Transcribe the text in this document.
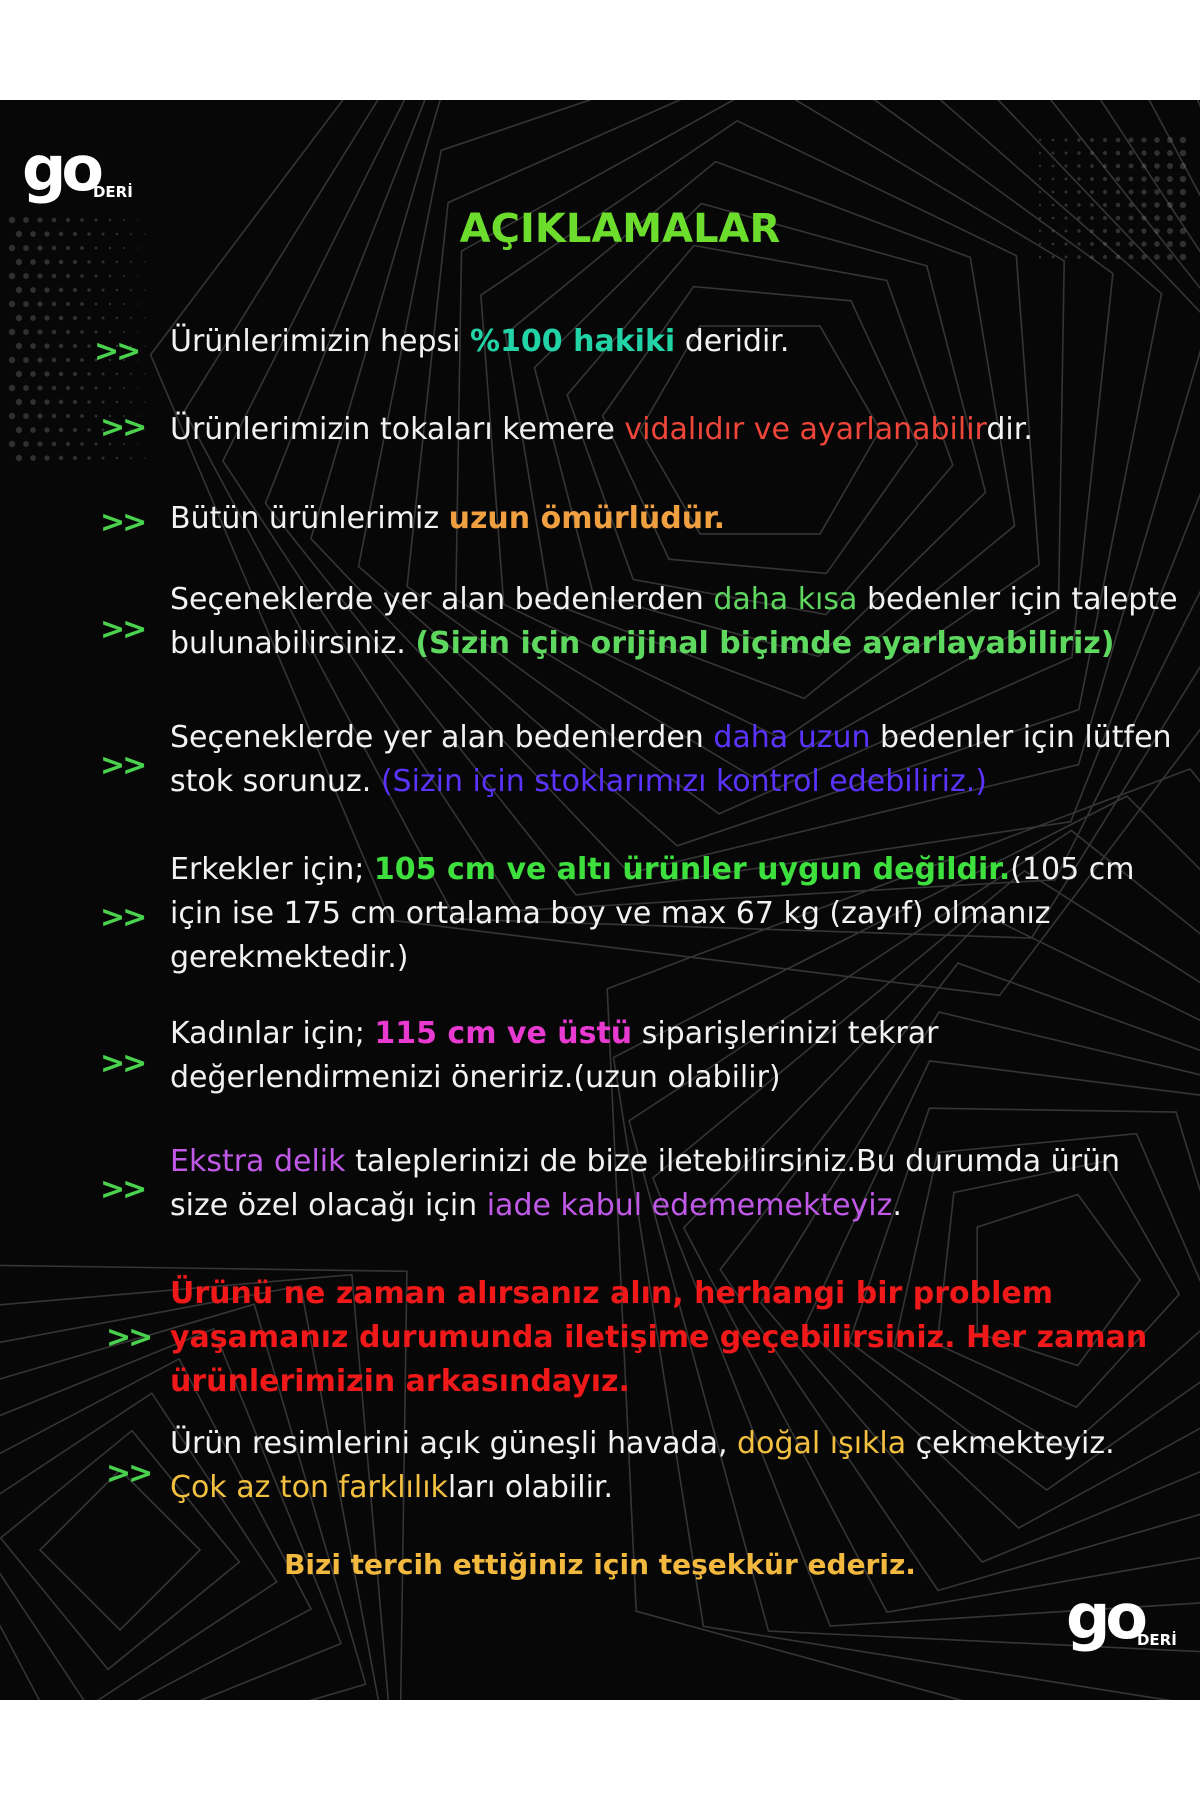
goDERİ
AÇIKLAMALAR
>> Ürünlerimizin hepsi %100 hakiki deridir.

>> Ürünlerimizin tokaları kemere vidalıdır ve ayarlanabilirdir.

>> Bütün ürünlerimiz uzun ömürlüdür.

>>

Seçeneklerde yer alan bedenlerden daha kısa bedenler için talepte bulunabilirsiniz. (Sizin için orijinal biçimde ayarlayabiliriz)

>>

Seçeneklerde yer alan bedenlerden daha uzun bedenler için lütfen stok sorunuz. (Sizin için stoklarımızı kontrol edebiliriz.)

>>

Erkekler için; 105 cm ve altı ürünler uygun değildir.(105 cm için ise 175 cm ortalama boy ve max 67 kg (zayıf) olmanız gerekmektedir.)

>>

Kadınlar için; 115 cm ve üstü siparişlerinizi tekrar değerlendirmenizi öneririz.(uzun olabilir)

>>

Ekstra delik taleplerinizi de bize iletebilirsiniz.Bu durumda ürün size özel olacağı için iade kabul edememekteyiz.

>>

Ürünü ne zaman alırsanız alın, herhangi bir problem yaşamanız durumunda iletişime geçebilirsiniz. Her zaman ürünlerimizin arkasındayız.

>>

Ürün resimlerini açık güneşli havada, doğal ışıkla çekmekteyiz. Çok az ton farklılıkları olabilir.

Bizi tercih ettiğiniz için teşekkür ederiz.

goDERİ
